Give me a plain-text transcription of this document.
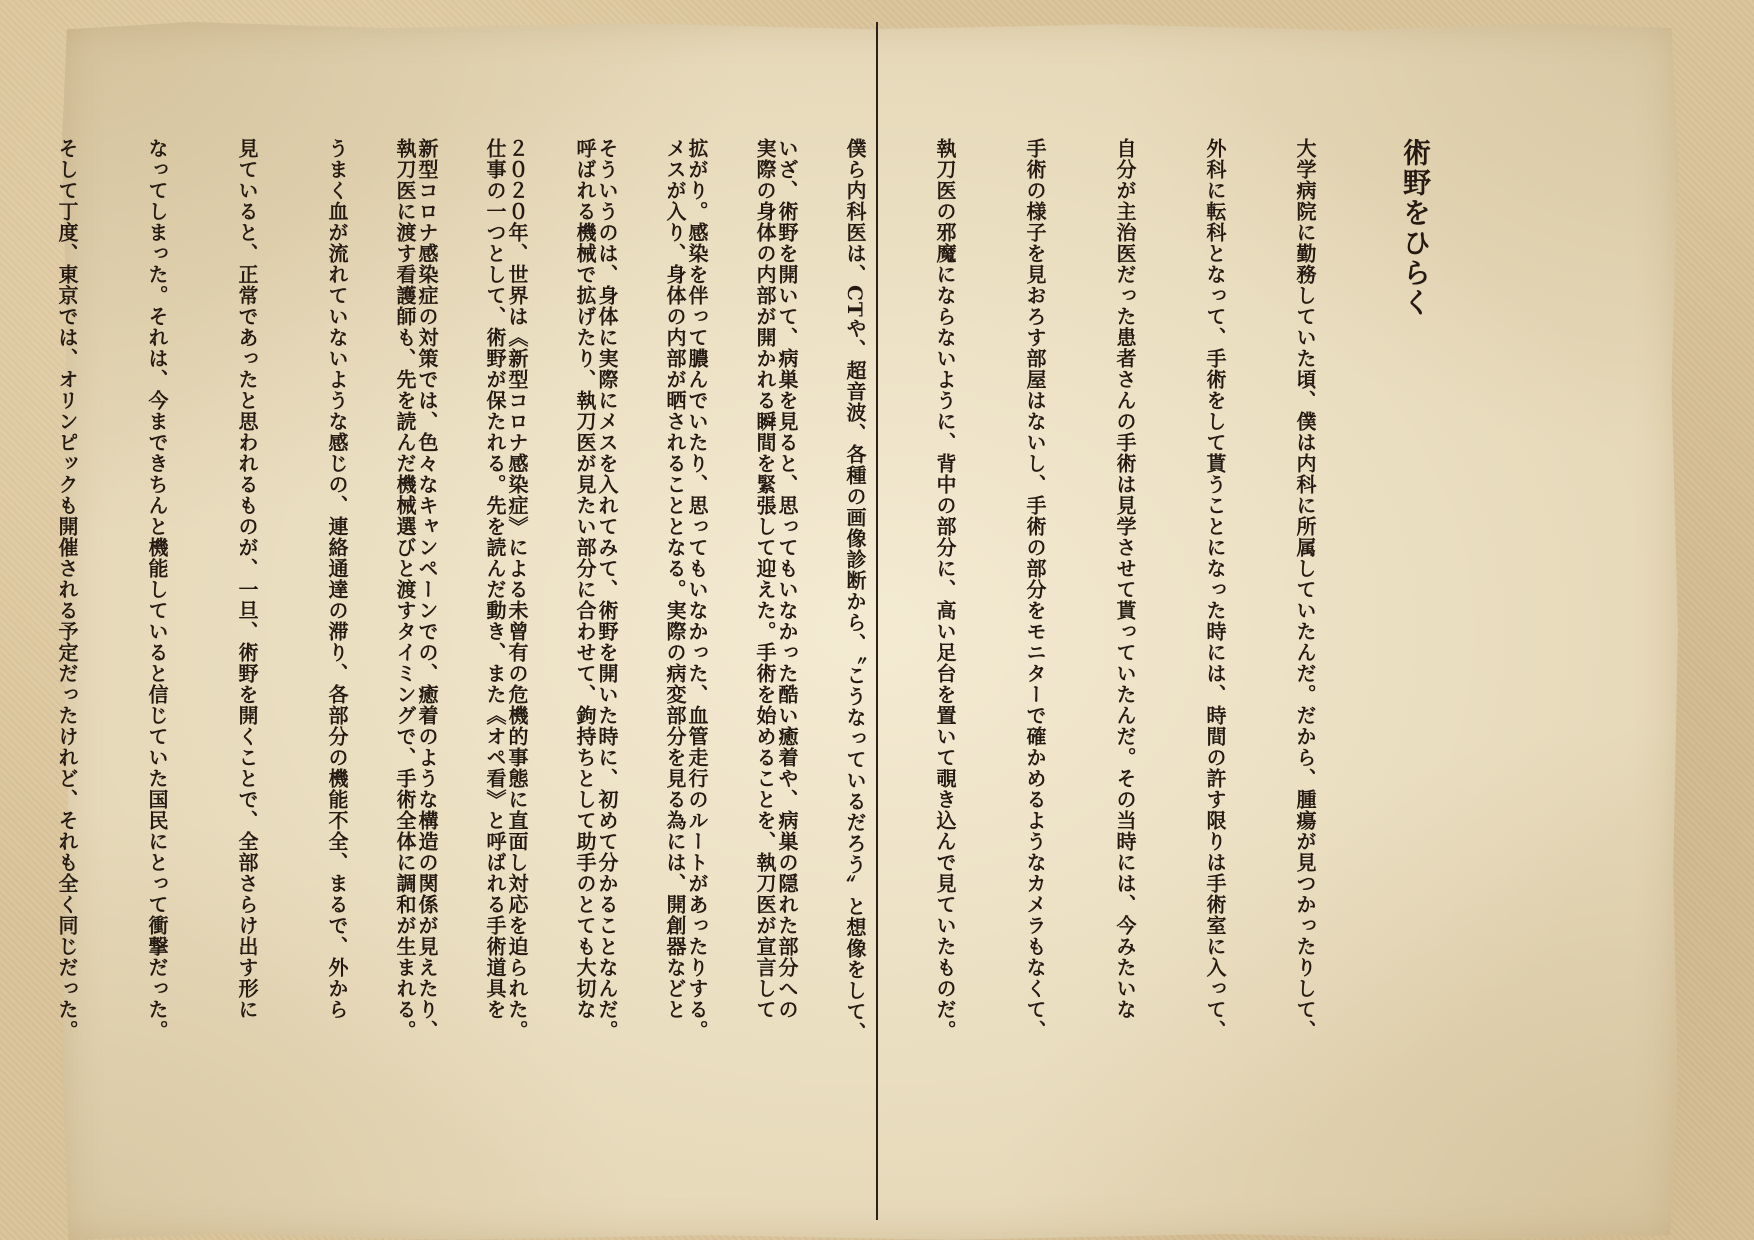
術野をひらく

大学病院に勤務していた頃、僕は内科に所属していたんだ。だから、腫瘍が見つかったりして、

外科に転科となって、手術をして貰うことになった時には、時間の許す限りは手術室に入って、

自分が主治医だった患者さんの手術は見学させて貰っていたんだ。その当時には、今みたいな

手術の様子を見おろす部屋はないし、手術の部分をモニターで確かめるようなカメラもなくて、

執刀医の邪魔にならないように、背中の部分に、高い足台を置いて覗き込んで見ていたものだ。

僕ら内科医は、CTや、超音波、各種の画像診断から、〝こうなっているだろう〟と想像をして、

実際の身体の内部が開かれる瞬間を緊張して迎えた。手術を始めることを、執刀医が宣言して

メスが入り、身体の内部が晒されることとなる。実際の病変部分を見る為には、開創器などと

呼ばれる機械で拡げたり、執刀医が見たい部分に合わせて、鉤持ちとして助手のとても大切な

仕事の一つとして、術野が保たれる。先を読んだ動き、また《オペ看》と呼ばれる手術道具を

執刀医に渡す看護師も、先を読んだ機械選びと渡すタイミングで、手術全体に調和が生まれる。

	いざ、術野を開いて、病巣を見ると、思ってもいなかった酷い癒着や、病巣の隠れた部分への

拡がり。感染を伴って膿んでいたり、思ってもいなかった、血管走行のルートがあったりする。

そういうのは、身体に実際にメスを入れてみて、術野を開いた時に、初めて分かることなんだ。

２０２０年、世界は《新型コロナ感染症》による未曾有の危機的事態に直面し対応を迫られた。

新型コロナ感染症の対策では、色々なキャンペーンでの、癒着のような構造の関係が見えたり、

うまく血が流れていないような感じの、連絡通達の滞り、各部分の機能不全、まるで、外から

見ていると、正常であったと思われるものが、一旦、術野を開くことで、全部さらけ出す形に

なってしまった。それは、今まできちんと機能していると信じていた国民にとって衝撃だった。

そして丁度、東京では、オリンピックも開催される予定だったけれど、それも全く同じだった。
